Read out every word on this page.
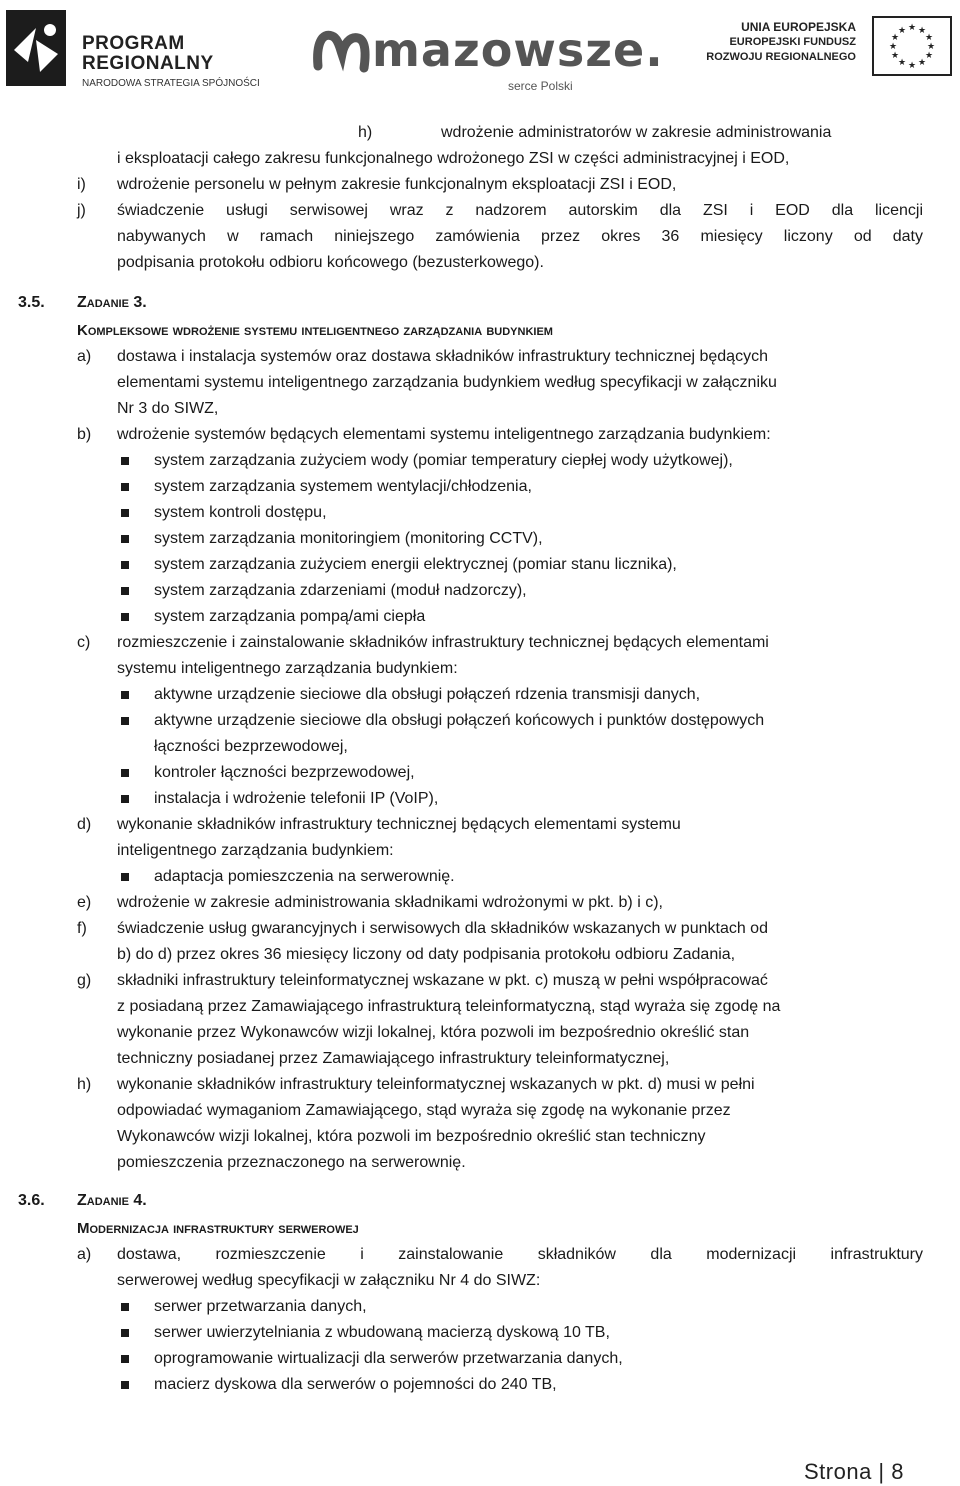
PROGRAM
REGIONALNY
NARODOWA STRATEGIA SPÓJNOŚCI
mazowsze.
serce Polski
UNIA EUROPEJSKA
EUROPEJSKI FUNDUSZ
ROZWOJU REGIONALNEGO
★ ★
★
★
★
★
★
★
★
★
★
★
h)	wdrożenie administratorów w zakresie administrowania
i eksploatacji całego zakresu funkcjonalnego wdrożonego ZSI w części administracyjnej i EOD,
i) wdrożenie personelu w pełnym zakresie funkcjonalnym eksploatacji ZSI i EOD,
j) świadczenie usługi serwisowej wraz z nadzorem autorskim dla ZSI i EOD dla licencji
nabywanych w ramach niniejszego zamówienia przez okres 36 miesięcy liczony od daty
podpisania protokołu odbioru końcowego (bezusterkowego).
3.5. Zadanie 3.
Kompleksowe wdrożenie systemu inteligentnego zarządzania budynkiem
a) dostawa i instalacja systemów oraz dostawa składników infrastruktury technicznej będących
elementami systemu inteligentnego zarządzania budynkiem według specyfikacji w załączniku
Nr 3 do SIWZ,
b) wdrożenie systemów będących elementami systemu inteligentnego zarządzania budynkiem:
system zarządzania zużyciem wody (pomiar temperatury ciepłej wody użytkowej),
system zarządzania systemem wentylacji/chłodzenia,
system kontroli dostępu,
system zarządzania monitoringiem (monitoring CCTV),
system zarządzania zużyciem energii elektrycznej (pomiar stanu licznika),
system zarządzania zdarzeniami (moduł nadzorczy),
system zarządzania pompą/ami ciepła
c) rozmieszczenie i zainstalowanie składników infrastruktury technicznej będących elementami
systemu inteligentnego zarządzania budynkiem:
aktywne urządzenie sieciowe dla obsługi połączeń rdzenia transmisji danych,
aktywne urządzenie sieciowe dla obsługi połączeń końcowych i punktów dostępowych
łączności bezprzewodowej,
kontroler łączności bezprzewodowej,
instalacja i wdrożenie telefonii IP (VoIP),
d) wykonanie składników infrastruktury technicznej będących elementami systemu
inteligentnego zarządzania budynkiem:
adaptacja pomieszczenia na serwerownię.
e) wdrożenie w zakresie administrowania składnikami wdrożonymi w pkt. b) i c),
f) świadczenie usług gwarancyjnych i serwisowych dla składników wskazanych w punktach od
b) do d) przez okres 36 miesięcy liczony od daty podpisania protokołu odbioru Zadania,
g) składniki infrastruktury teleinformatycznej wskazane w pkt. c) muszą w pełni współpracować
z posiadaną przez Zamawiającego infrastrukturą teleinformatyczną, stąd wyraża się zgodę na
wykonanie przez Wykonawców wizji lokalnej, która pozwoli im bezpośrednio określić stan
techniczny posiadanej przez Zamawiającego infrastruktury teleinformatycznej,
h) wykonanie składników infrastruktury teleinformatycznej wskazanych w pkt. d) musi w pełni
odpowiadać wymaganiom Zamawiającego, stąd wyraża się zgodę na wykonanie przez
Wykonawców wizji lokalnej, która pozwoli im bezpośrednio określić stan techniczny
pomieszczenia przeznaczonego na serwerownię.
3.6. Zadanie 4.
Modernizacja infrastruktury serwerowej
a) dostawa, rozmieszczenie i zainstalowanie składników dla modernizacji infrastruktury
serwerowej według specyfikacji w załączniku Nr 4 do SIWZ:
serwer przetwarzania danych,
serwer uwierzytelniania z wbudowaną macierzą dyskową 10 TB,
oprogramowanie wirtualizacji dla serwerów przetwarzania danych,
macierz dyskowa dla serwerów o pojemności do 240 TB,
Strona | 8
